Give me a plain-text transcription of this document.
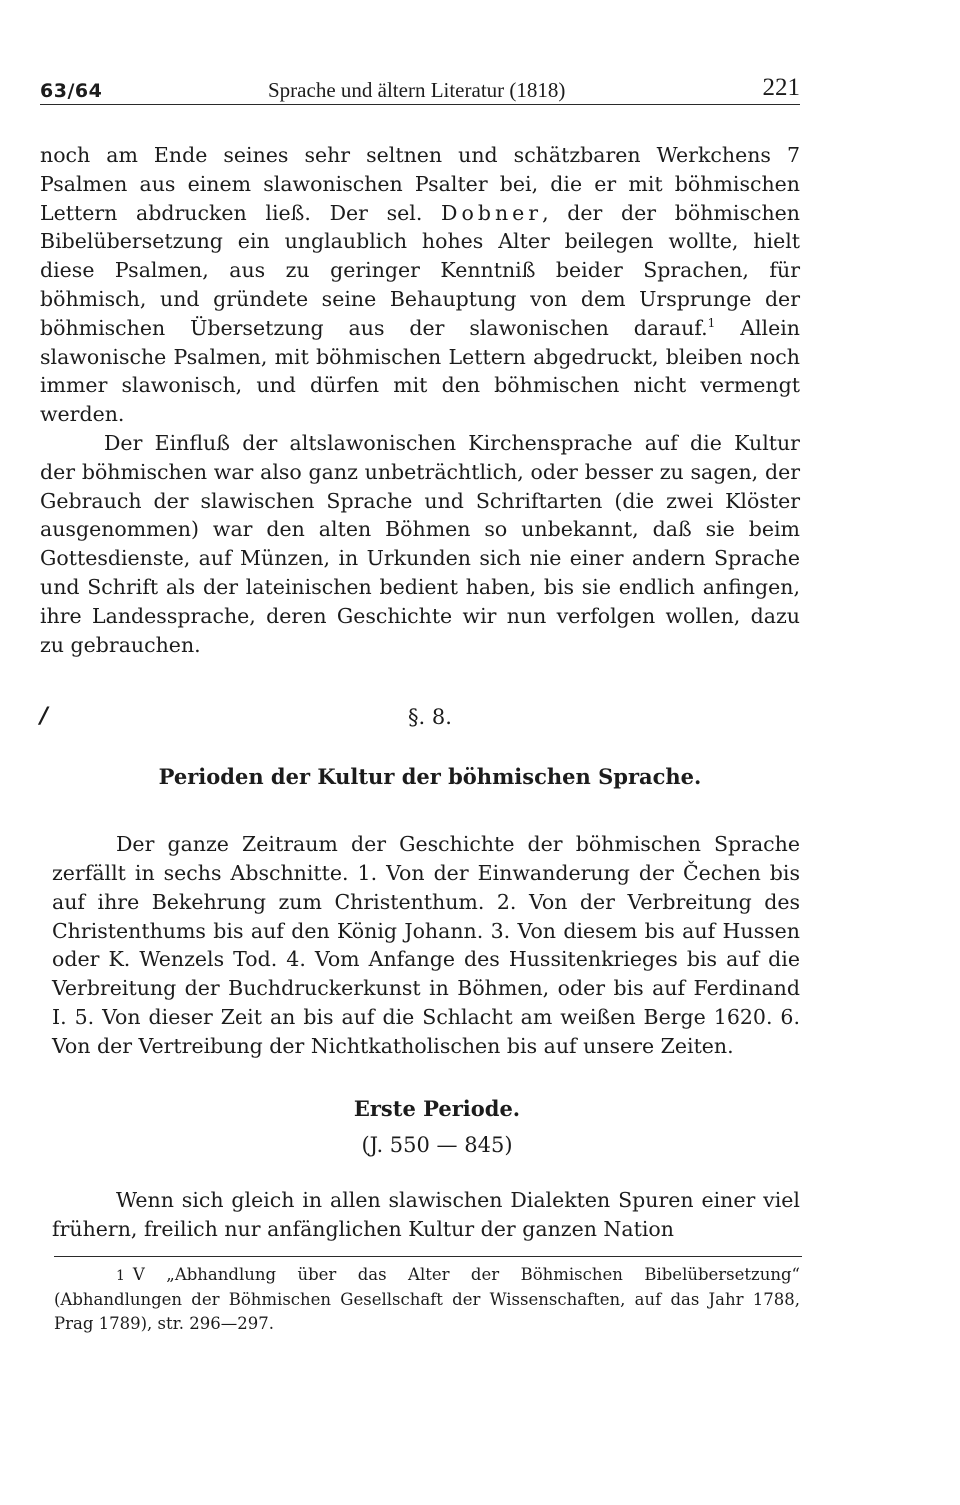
63/64	Sprache und ältern Literatur (1818)	221

noch am Ende seines sehr seltnen und schätzbaren Werkchens 7 Psalmen aus einem slawonischen Psalter bei, die er mit böhmischen Lettern abdrucken ließ. Der sel. Dobner, der der böhmischen Bibelübersetzung ein unglaublich hohes Alter beilegen wollte, hielt diese Psalmen, aus zu geringer Kenntniß beider Sprachen, für böhmisch, und gründete seine Behauptung von dem Ursprunge der böhmischen Übersetzung aus der slawonischen darauf.$^1$ Allein slawonische Psalmen, mit böhmischen Lettern abgedruckt, bleiben noch immer slawonisch, und dürfen mit den böhmischen nicht vermengt werden.

Der Einfluß der altslawonischen Kirchensprache auf die Kultur der böhmischen war also ganz unbeträchtlich, oder besser zu sagen, der Gebrauch der slawischen Sprache und Schriftarten (die zwei Klöster ausgenommen) war den alten Böhmen so unbekannt, daß sie beim Gottesdienste, auf Münzen, in Urkunden sich nie einer andern Sprache und Schrift als der lateinischen bedient haben, bis sie endlich anfingen, ihre Landessprache, deren Geschichte wir nun verfolgen wollen, dazu zu gebrauchen.

/	§. 8.
Perioden der Kultur der böhmischen Sprache.

Der ganze Zeitraum der Geschichte der böhmischen Sprache zerfällt in sechs Abschnitte. 1. Von der Einwanderung der Čechen bis auf ihre Bekehrung zum Christenthum. 2. Von der Verbreitung des Christenthums bis auf den König Johann. 3. Von diesem bis auf Hussen oder K. Wenzels Tod. 4. Vom Anfange des Hussitenkrieges bis auf die Verbreitung der Buchdruckerkunst in Böhmen, oder bis auf Ferdinand I. 5. Von dieser Zeit an bis auf die Schlacht am weißen Berge 1620. 6. Von der Vertreibung der Nichtkatholischen bis auf unsere Zeiten.

Erste Periode.
(J. 550 — 845)

Wenn sich gleich in allen slawischen Dialekten Spuren einer viel frühern, freilich nur anfänglichen Kultur der ganzen Nation

1 V „Abhandlung über das Alter der Böhmischen Bibelübersetzung“ (Abhandlungen der Böhmischen Gesellschaft der Wissenschaften, auf das Jahr 1788, Prag 1789), str. 296—297.
